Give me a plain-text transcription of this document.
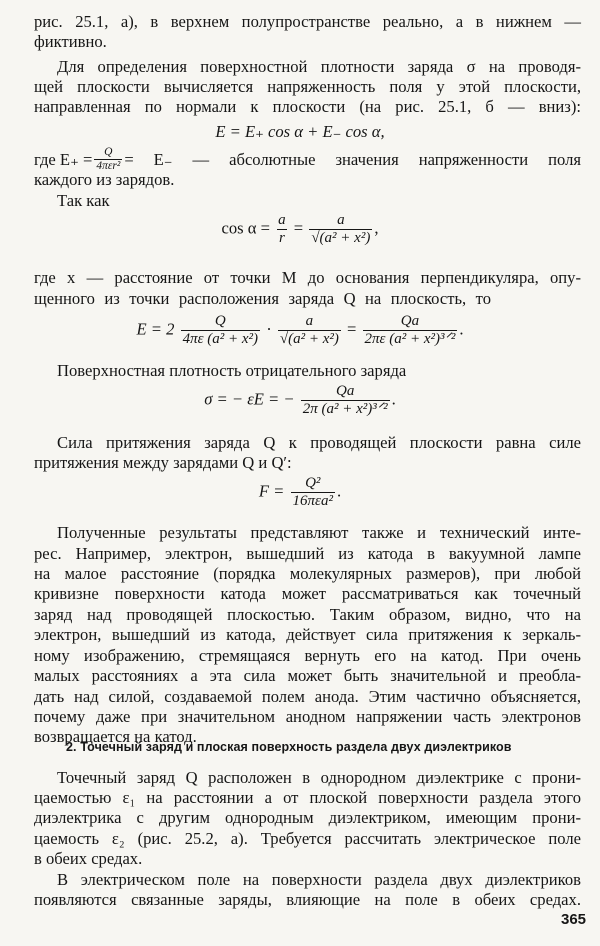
рис. 25.1, а), в верхнем полупространстве реально, а в нижнем —
фиктивно.
Для определения поверхностной плотности заряда σ на проводя-
щей плоскости вычисляется напряженность поля у этой плоскости,
направленная по нормали к плоскости (на рис. 25.1, б — вниз):
E = E₊ cos α + E₋ cos α,
где $E_+ = \frac{Q}{\text{4πεr²}} = E_-$ — абсолютные значения напряженности поля
каждого из зарядов.
Так как
$\cos \alpha = \frac{a}{r} = \frac{a}{\text{√(a² + x²)}}$ ,
где x — расстояние от точки M до основания перпендикуляра, опу-
щенного из точки расположения заряда Q на плоскость, то
$E = 2 \frac{Q}{\text{4πε (a² + x²)}} \cdot \frac{a}{\text{√(a² + x²)}} = \frac{Qa}{\text{2πε (a² + x²)³ᐟ²}}$ .
Поверхностная плотность отрицательного заряда
σ = − εE = − $\frac{Qa}{\text{2π (a² + x²)³ᐟ²}}$ .
Сила притяжения заряда Q к проводящей плоскости равна силе
притяжения между зарядами Q и Q′:
$F = \frac{\text{Q²}}{\text{16πεa²}}$ .
Полученные результаты представляют также и технический инте-
рес. Например, электрон, вышедший из катода в вакуумной лампе
на малое расстояние (порядка молекулярных размеров), при любой
кривизне поверхности катода может рассматриваться как точечный
заряд над проводящей плоскостью. Таким образом, видно, что на
электрон, вышедший из катода, действует сила притяжения к зеркаль-
ному изображению, стремящаяся вернуть его на катод. При очень
малых расстояниях a эта сила может быть значительной и преобла-
дать над силой, создаваемой полем анода. Этим частично объясняется,
почему даже при значительном анодном напряжении часть электронов
возвращается на катод.
2. Точечный заряд и плоская поверхность раздела двух диэлектриков
Точечный заряд Q расположен в однородном диэлектрике с прони-
цаемостью ε₁ на расстоянии a от плоской поверхности раздела этого
диэлектрика с другим однородным диэлектриком, имеющим прони-
цаемость ε₂ (рис. 25.2, а). Требуется рассчитать электрическое поле
в обеих средах.
В электрическом поле на поверхности раздела двух диэлектриков
появляются связанные заряды, влияющие на поле в обеих средах.
365
